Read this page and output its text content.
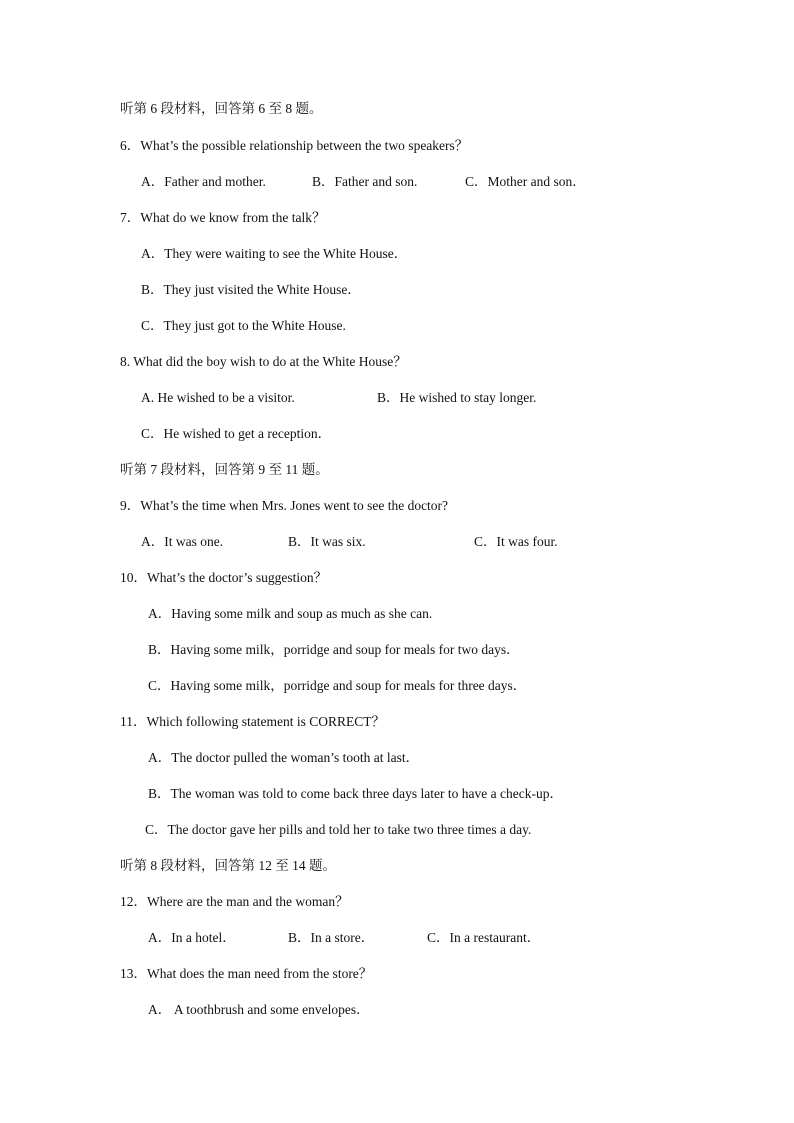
听第 6 段材料，回答第 6 至 8 题。
6．What’s the possible relationship between the two speakers？
A．Father and mother.	B．Father and son.	C．Mother and son．
7．What do we know from the talk？
A．They were waiting to see the White House．
B．They just visited the White House．
C．They just got to the White House.
8. What did the boy wish to do at the White House？
A. He wished to be a visitor.	B．He wished to stay longer.
C．He wished to get a reception．
听第 7 段材料，回答第 9 至 11 题。
9．What’s the time when Mrs. Jones went to see the doctor?
A．It was one.	B．It was six.	C．It was four.
10．What’s the doctor’s suggestion？
A．Having some milk and soup as much as she can.
B．Having some milk，porridge and soup for meals for two days．
C．Having some milk，porridge and soup for meals for three days．
11．Which following statement is CORRECT？
A．The doctor pulled the woman’s tooth at last．
B．The woman was told to come back three days later to have a check-up．
C．The doctor gave her pills and told her to take two three times a day.
听第 8 段材料，回答第 12 至 14 题。
12．Where are the man and the woman？
A．In a hotel．	B．In a store．	C．In a restaurant．
13．What does the man need from the store？
A． A toothbrush and some envelopes．
